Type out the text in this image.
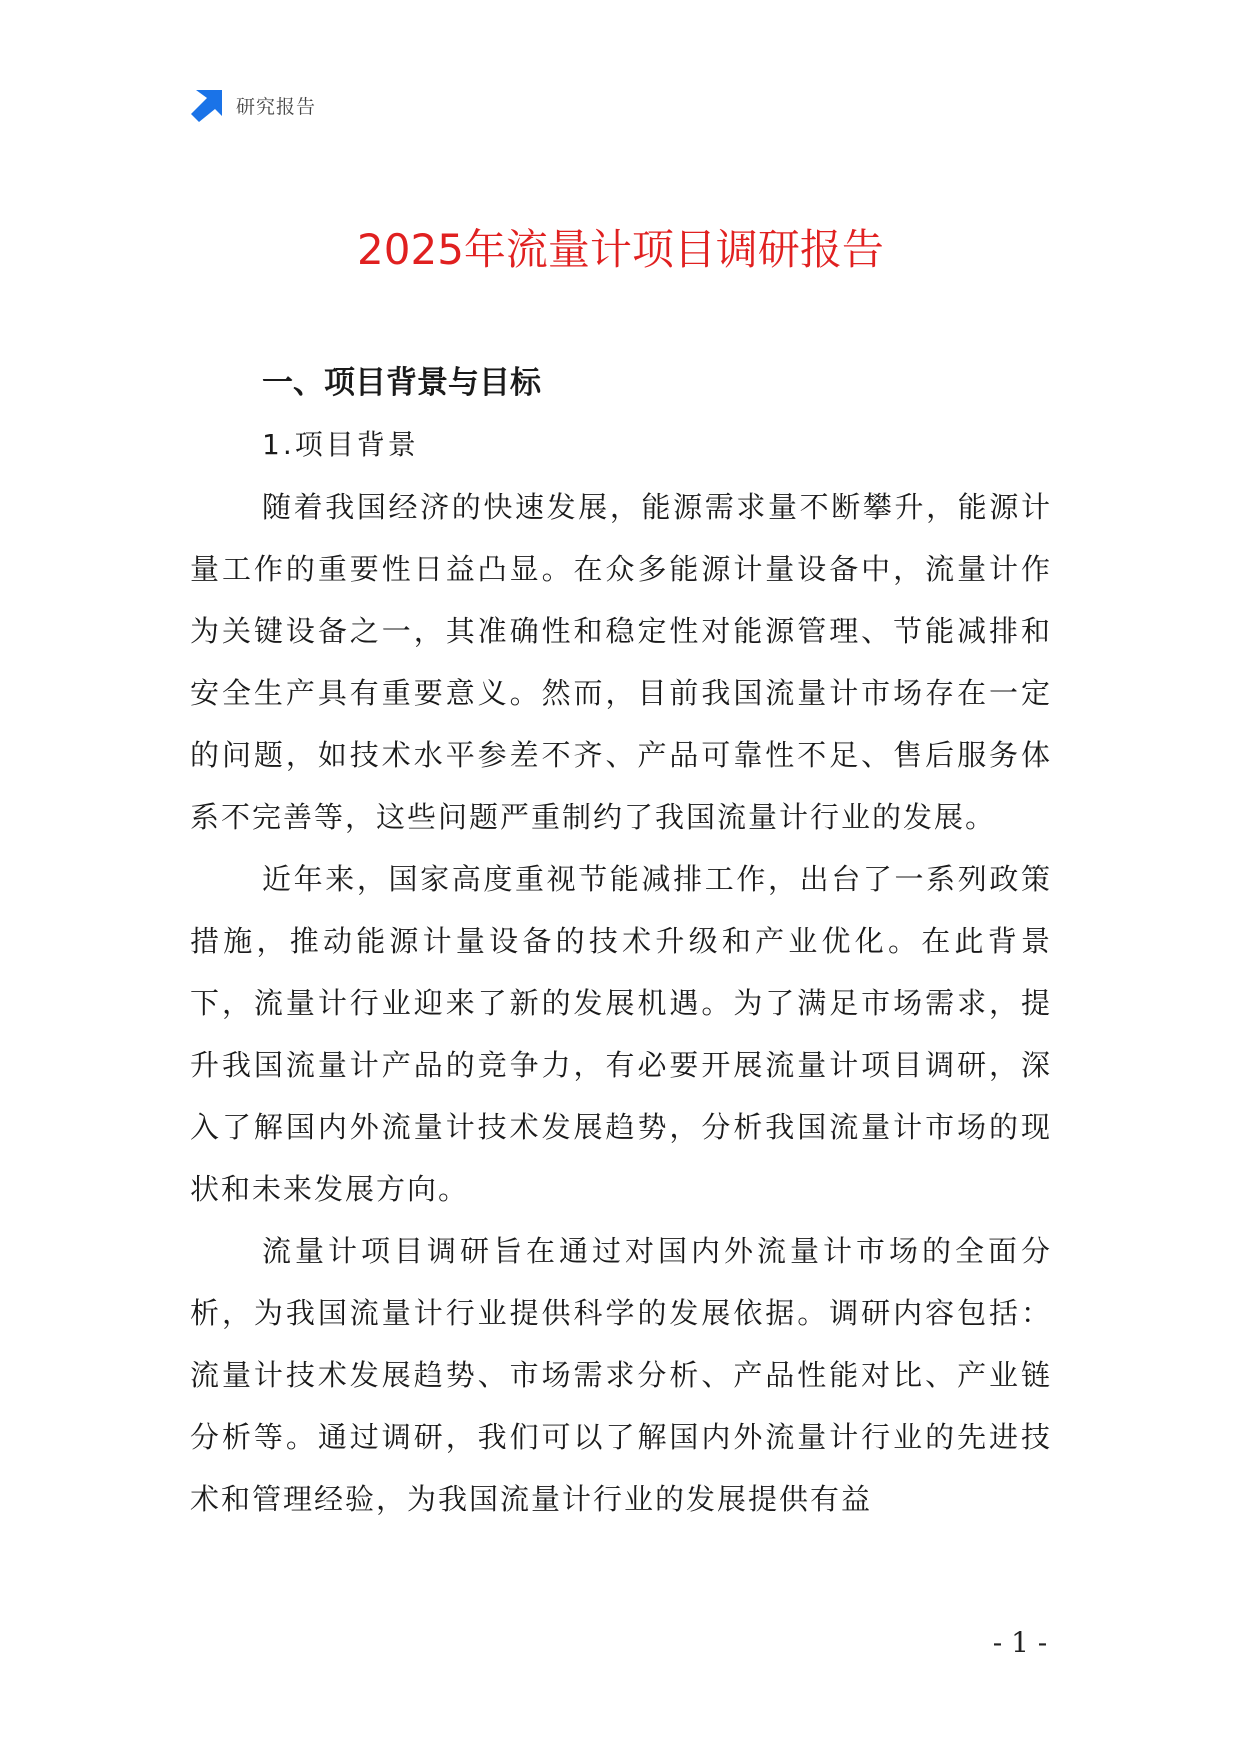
研究报告
2025年流量计项目调研报告
一、项目背景与目标
1.项目背景

随着我国经济的快速发展，能源需求量不断攀升，能源计量工作的重要性日益凸显。在众多能源计量设备中，流量计作为关键设备之一，其准确性和稳定性对能源管理、节能减排和安全生产具有重要意义。然而，目前我国流量计市场存在一定的问题，如技术水平参差不齐、产品可靠性不足、售后服务体系不完善等，这些问题严重制约了我国流量计行业的发展。

近年来，国家高度重视节能减排工作，出台了一系列政策措施，推动能源计量设备的技术升级和产业优化。在此背景下，流量计行业迎来了新的发展机遇。为了满足市场需求，提升我国流量计产品的竞争力，有必要开展流量计项目调研，深入了解国内外流量计技术发展趋势，分析我国流量计市场的现状和未来发展方向。

流量计项目调研旨在通过对国内外流量计市场的全面分析，为我国流量计行业提供科学的发展依据。调研内容包括：流量计技术发展趋势、市场需求分析、产品性能对比、产业链分析等。通过调研，我们可以了解国内外流量计行业的先进技术和管理经验，为我国流量计行业的发展提供有益

- 1 -
